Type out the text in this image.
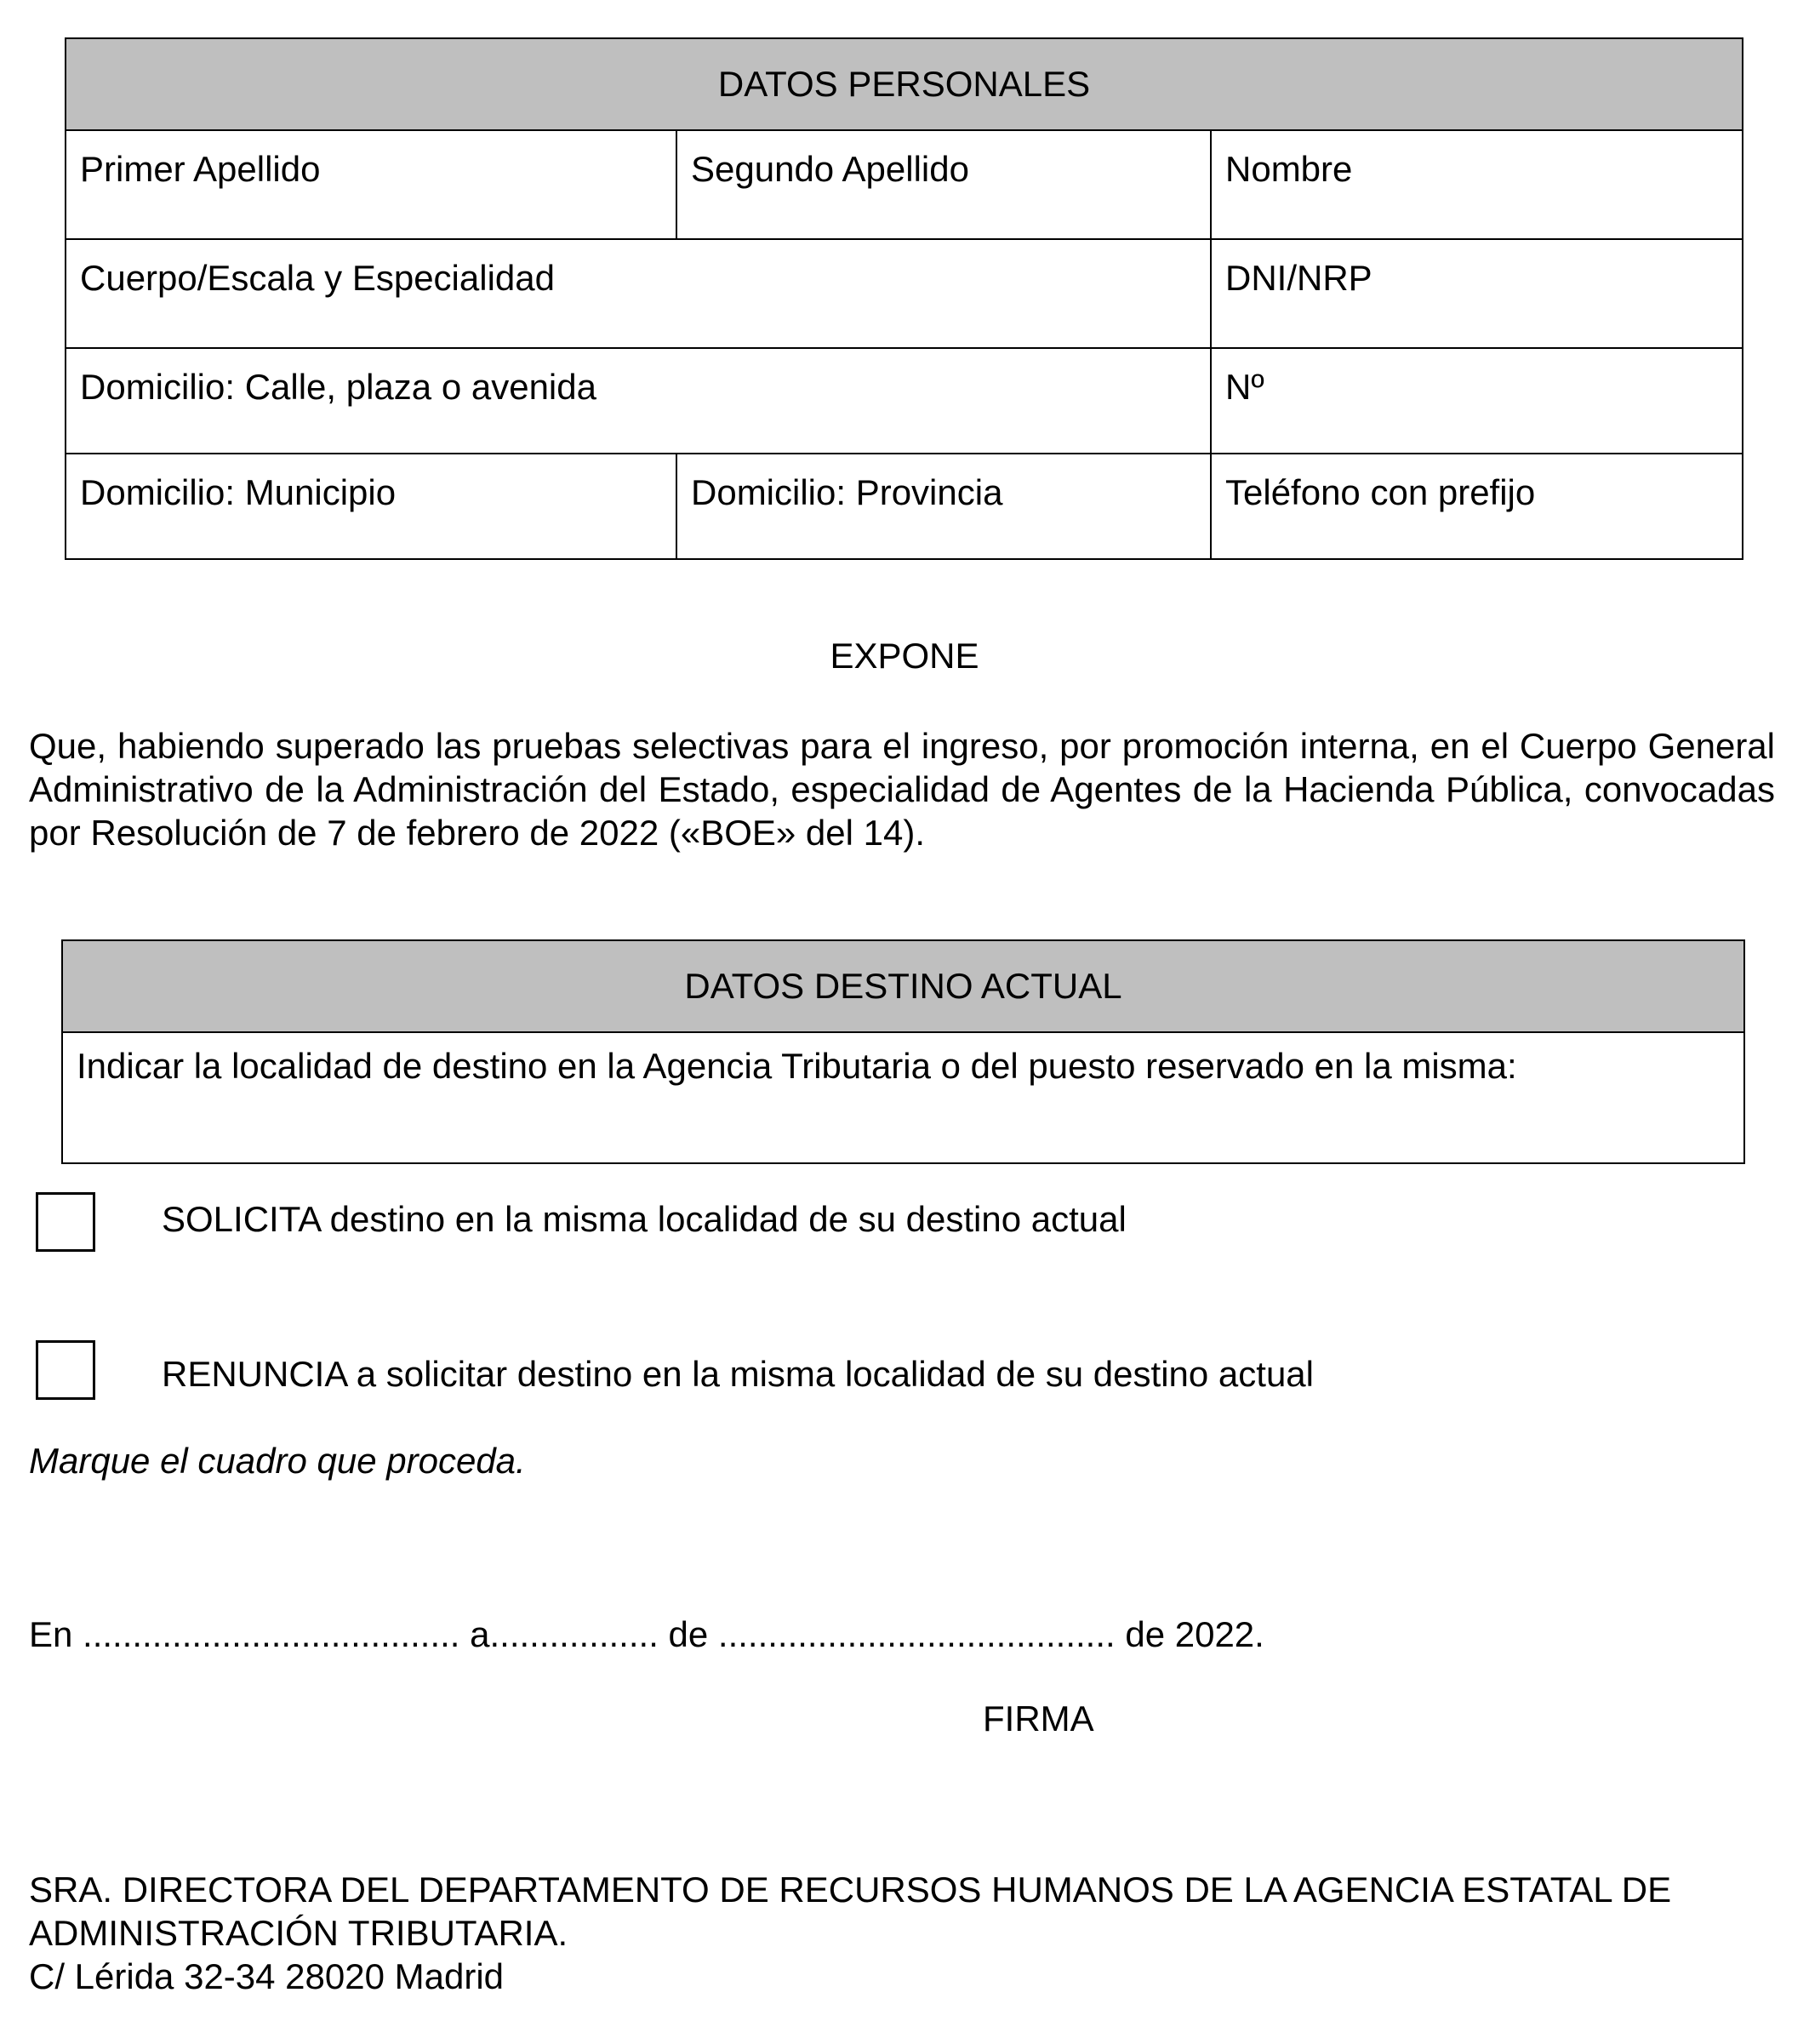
DATOS PERSONALES		

Primer Apellido	Segundo Apellido	Nombre

Cuerpo/Escala y Especialidad		DNI/NRP

Domicilio: Calle, plaza o avenida		Nº

Domicilio: Municipio	Domicilio: Provincia	Teléfono con prefijo
EXPONE
Que, habiendo superado las pruebas selectivas para el ingreso, por promoción interna, en el Cuerpo General Administrativo de la Administración del Estado, especialidad de Agentes de la Hacienda Pública, convocadas por Resolución de 7 de febrero de 2022 («BOE» del 14).
DATOS DESTINO ACTUAL

Indicar la localidad de destino en la Agencia Tributaria o del puesto reservado en la misma:
SOLICITA destino en la misma localidad de su destino actual
RENUNCIA a solicitar destino en la misma localidad de su destino actual
Marque el cuadro que proceda.
En ...................................... a................. de ........................................ de 2022.
FIRMA
SRA. DIRECTORA DEL DEPARTAMENTO DE RECURSOS HUMANOS DE LA AGENCIA ESTATAL DE
ADMINISTRACIÓN TRIBUTARIA.
C/ Lérida 32-34 28020 Madrid
